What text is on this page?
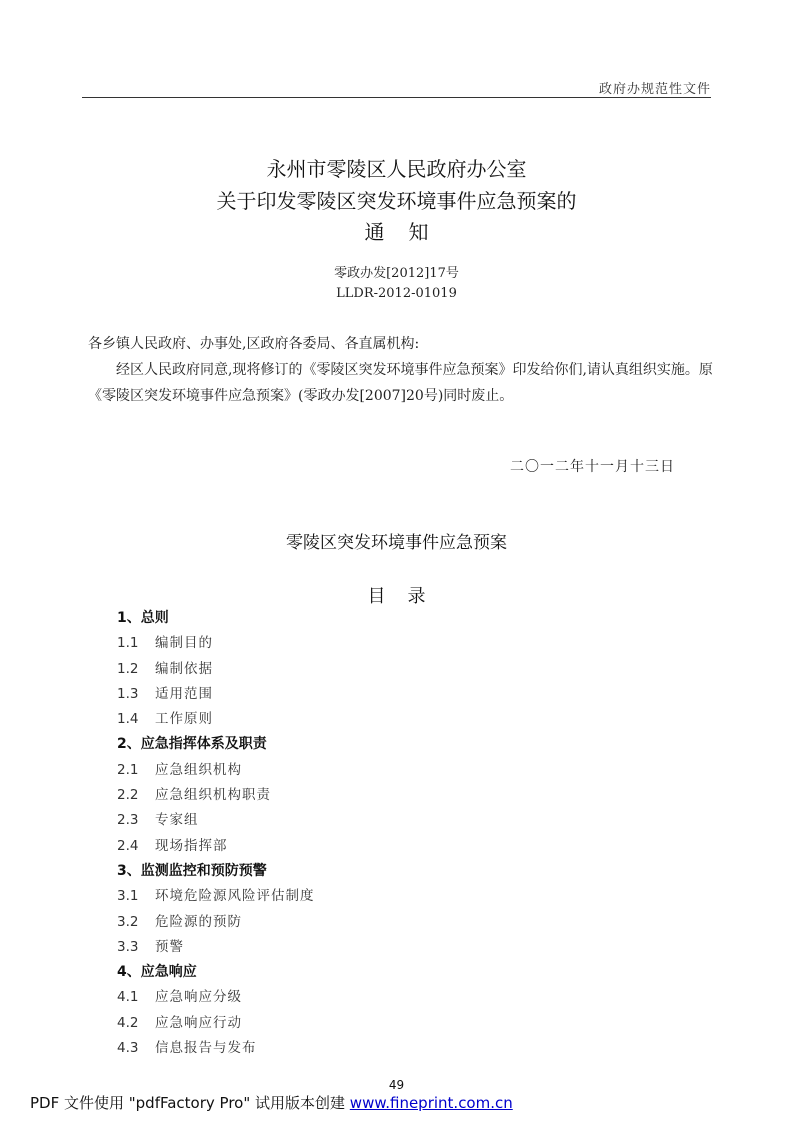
政府办规范性文件
永州市零陵区人民政府办公室
关于印发零陵区突发环境事件应急预案的
通知
零政办发[2012]17号
LLDR-2012-01019
各乡镇人民政府、办事处,区政府各委局、各直属机构:
经区人民政府同意,现将修订的《零陵区突发环境事件应急预案》印发给你们,请认真组织实施。原《零陵区突发环境事件应急预案》(零政办发[2007]20号)同时废止。
二〇一二年十一月十三日
零陵区突发环境事件应急预案
目录
1、总则
1.1 编制目的
1.2 编制依据
1.3 适用范围
1.4 工作原则
2、应急指挥体系及职责
2.1 应急组织机构
2.2 应急组织机构职责
2.3 专家组
2.4 现场指挥部
3、监测监控和预防预警
3.1 环境危险源风险评估制度
3.2 危险源的预防
3.3 预警
4、应急响应
4.1 应急响应分级
4.2 应急响应行动
4.3 信息报告与发布
49
PDF 文件使用 "pdfFactory Pro" 试用版本创建 www.fineprint.com.cn
